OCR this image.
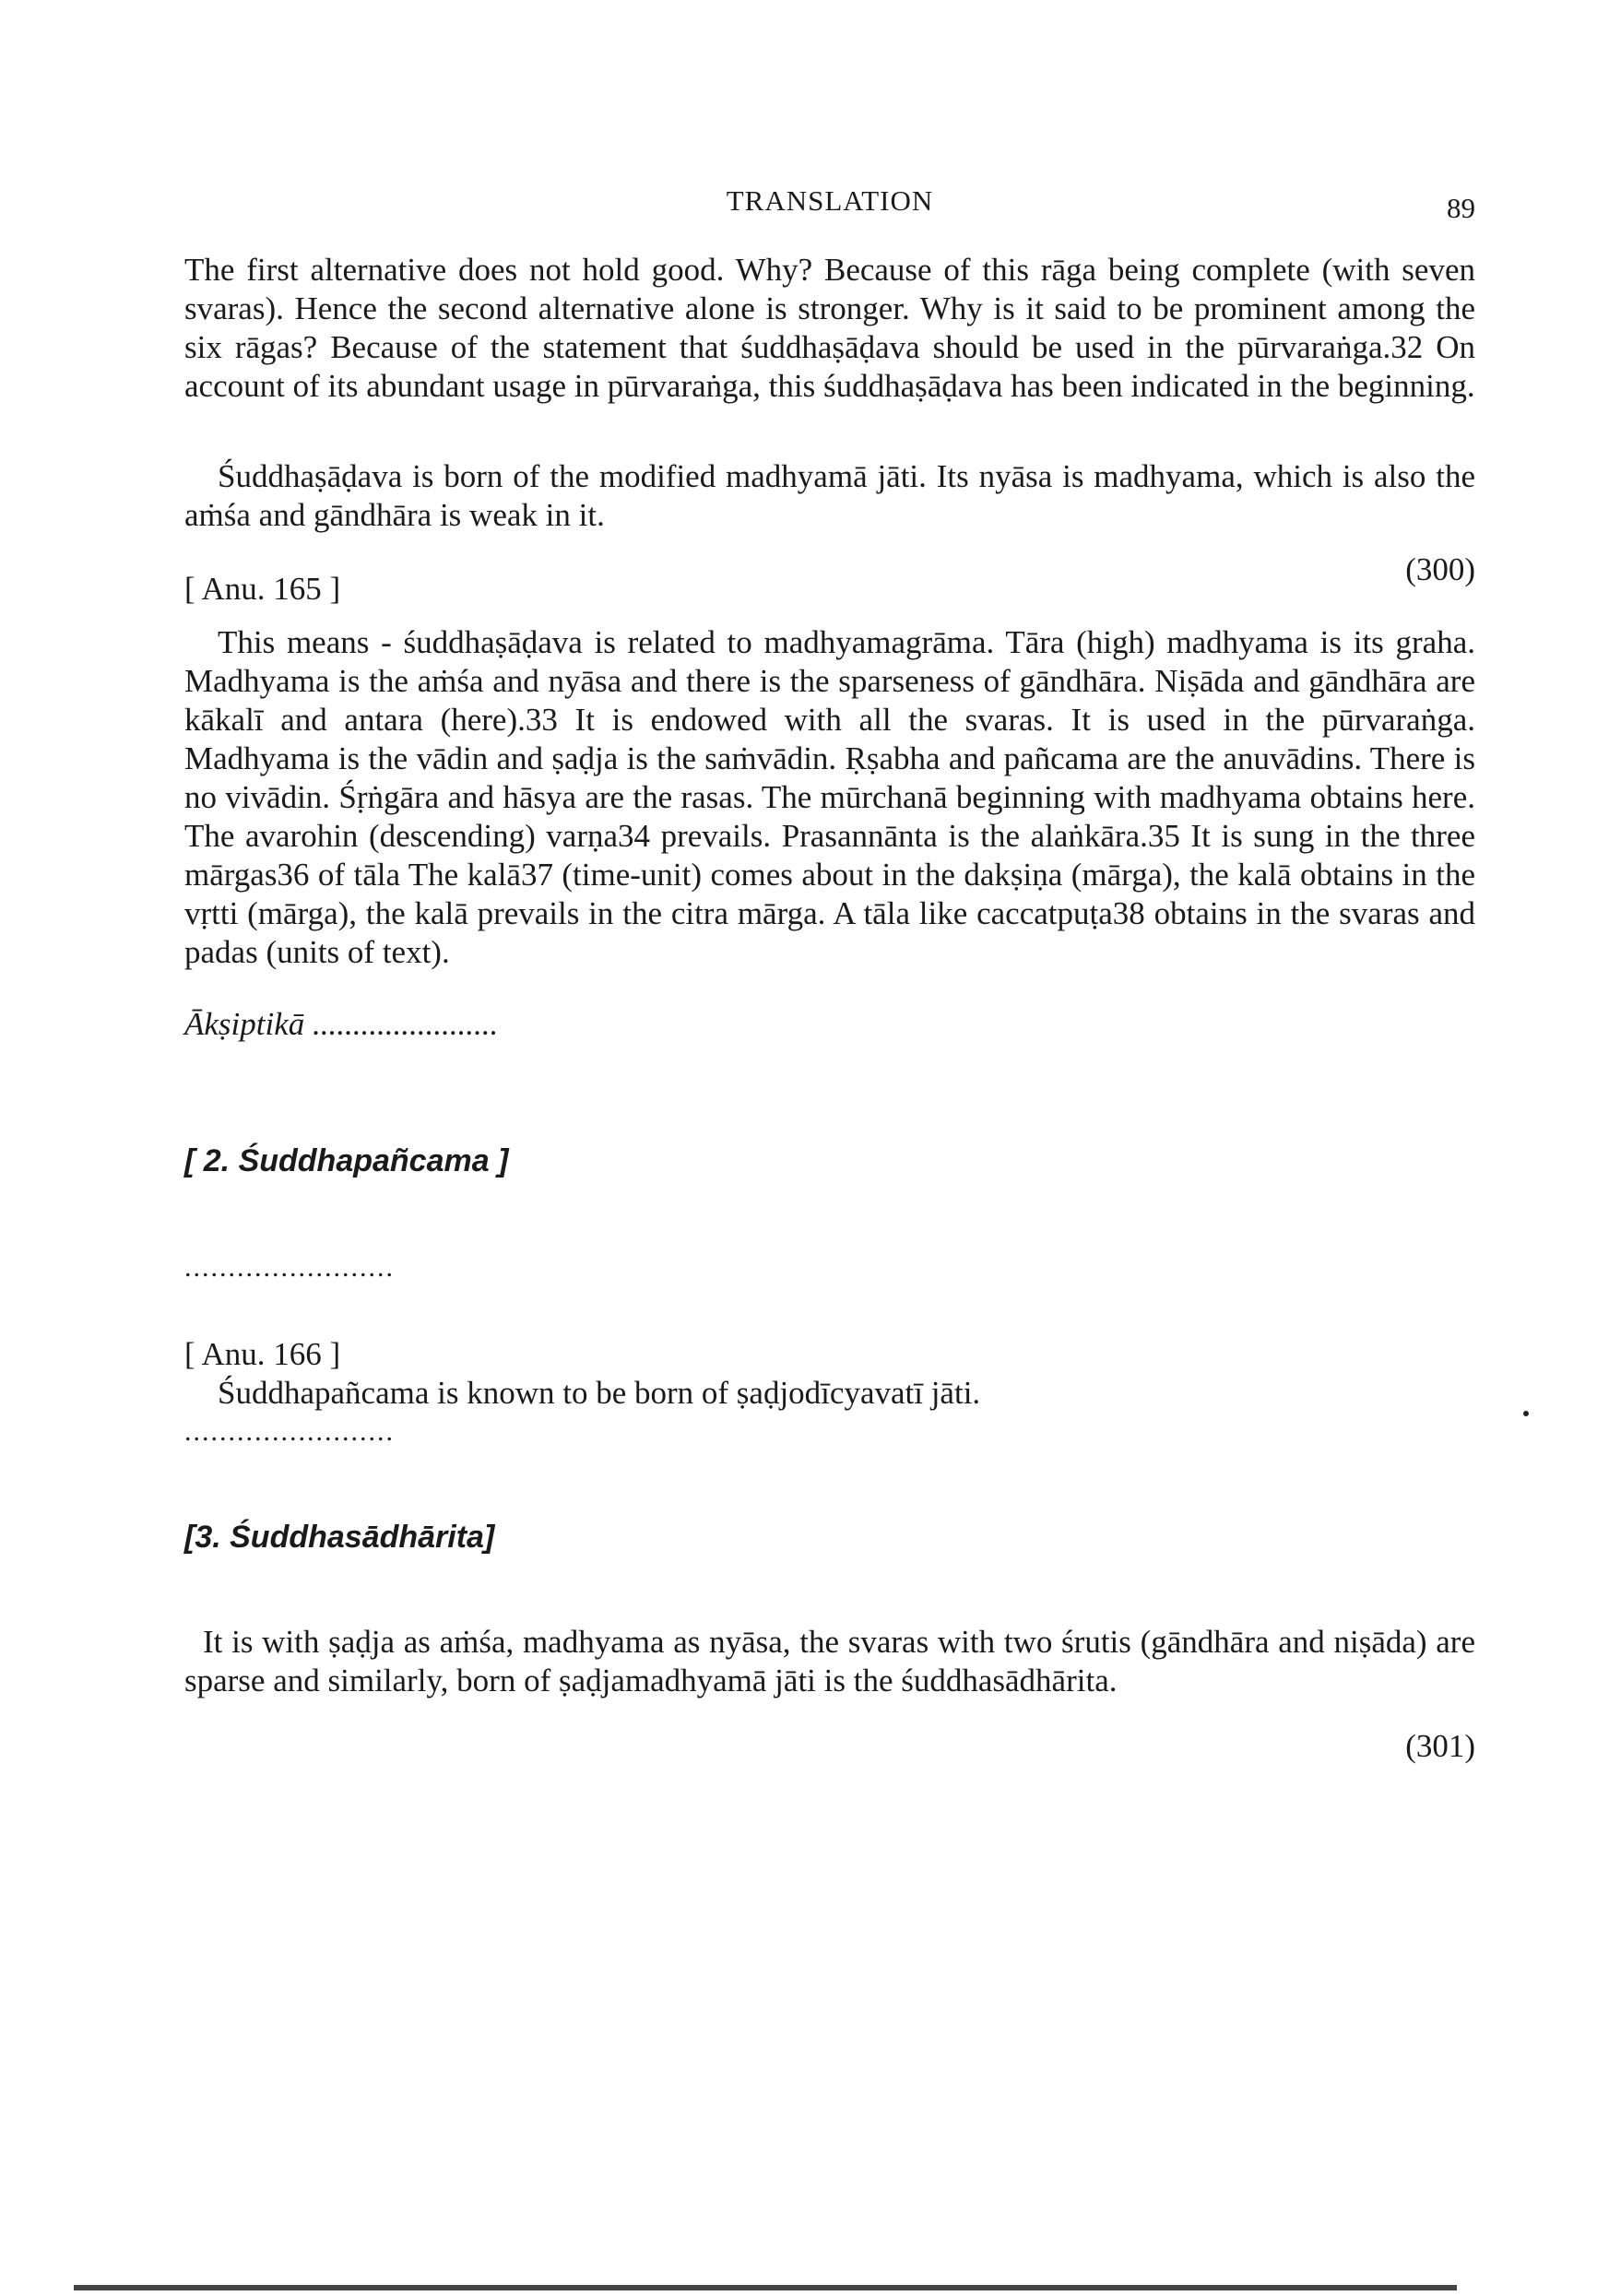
TRANSLATION	89

The first alternative does not hold good. Why? Because of this rāga being complete (with seven svaras). Hence the second alternative alone is stronger. Why is it said to be prominent among the six rāgas? Because of the statement that śuddhaṣāḍava should be used in the pūrvaraṅga.32 On account of its abundant usage in pūrvaraṅga, this śuddhaṣāḍava has been indicated in the beginning.

Śuddhaṣāḍava is born of the modified madhyamā jāti. Its nyāsa is madhyama, which is also the aṁśa and gāndhāra is weak in it.

(300)
[ Anu. 165 ]

This means - śuddhaṣāḍava is related to madhyamagrāma. Tāra (high) madhyama is its graha. Madhyama is the aṁśa and nyāsa and there is the sparseness of gāndhāra. Niṣāda and gāndhāra are kākalī and antara (here).33 It is endowed with all the svaras. It is used in the pūrvaraṅga. Madhyama is the vādin and ṣaḍja is the saṁvādin. Ṛṣabha and pañcama are the anuvādins. There is no vivādin. Śṛṅgāra and hāsya are the rasas. The mūrchanā beginning with madhyama obtains here. The avarohin (descending) varṇa34 prevails. Prasannānta is the alaṅkāra.35 It is sung in the three mārgas36 of tāla The kalā37 (time-unit) comes about in the dakṣiṇa (mārga), the kalā obtains in the vṛtti (mārga), the kalā prevails in the citra mārga. A tāla like caccatpuṭa38 obtains in the svaras and padas (units of text).

Ākṣiptikā .......................
[ 2. Śuddhapañcama ]
........................
[ Anu. 166 ]

Śuddhapañcama is known to be born of ṣaḍjodīcyavatī jāti.

........................
[3. Śuddhasādhārita]

It is with ṣaḍja as aṁśa, madhyama as nyāsa, the svaras with two śrutis (gāndhāra and niṣāda) are sparse and similarly, born of ṣaḍjamadhyamā jāti is the śuddhasādhārita.

(301)
